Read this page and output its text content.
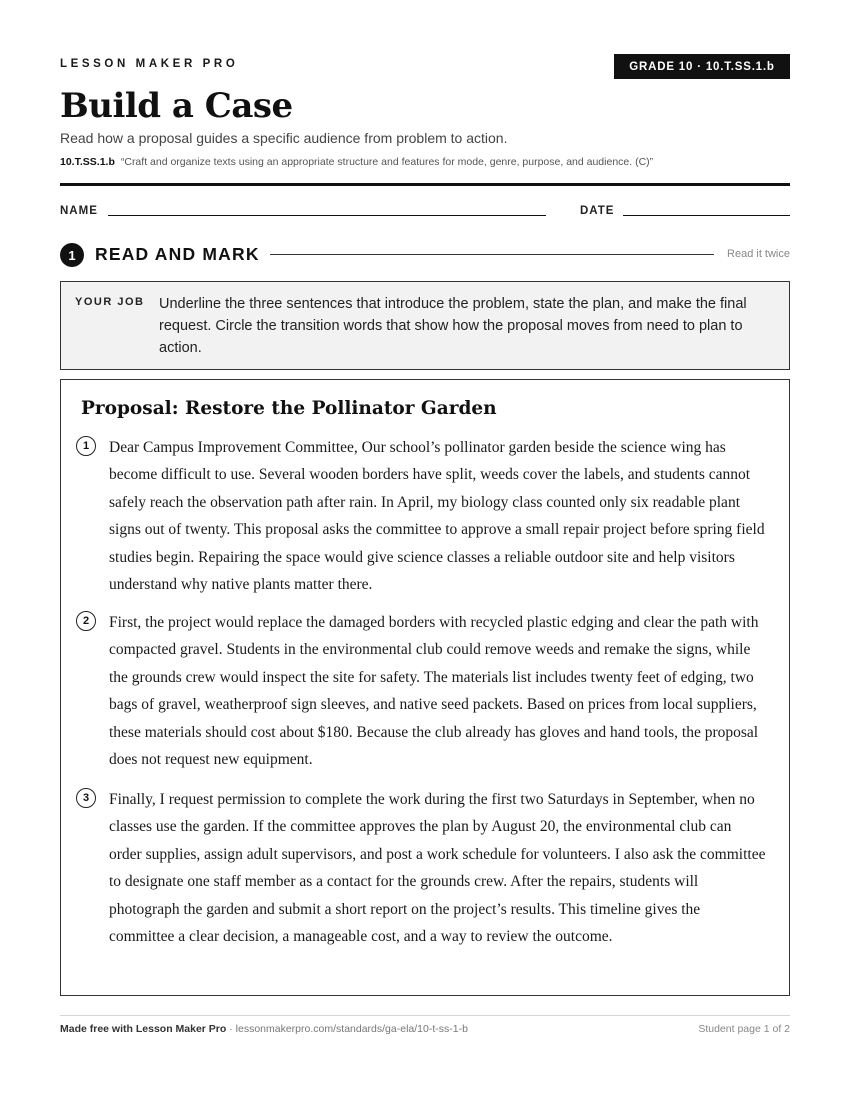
LESSON MAKER PRO	GRADE 10 · 10.T.SS.1.b
Build a Case
Read how a proposal guides a specific audience from problem to action.
10.T.SS.1.b “Craft and organize texts using an appropriate structure and features for mode, genre, purpose, and audience. (C)”
NAME	DATE
1	READ AND MARK	Read it twice
YOUR JOB Underline the three sentences that introduce the problem, state the plan, and make the final request. Circle the transition words that show how the proposal moves from need to plan to action.
Proposal: Restore the Pollinator Garden
1	Dear Campus Improvement Committee, Our school’s pollinator garden beside the science wing has become difficult to use. Several wooden borders have split, weeds cover the labels, and students cannot safely reach the observation path after rain. In April, my biology class counted only six readable plant signs out of twenty. This proposal asks the committee to approve a small repair project before spring field studies begin. Repairing the space would give science classes a reliable outdoor site and help visitors understand why native plants matter there.
2	First, the project would replace the damaged borders with recycled plastic edging and clear the path with compacted gravel. Students in the environmental club could remove weeds and remake the signs, while the grounds crew would inspect the site for safety. The materials list includes twenty feet of edging, two bags of gravel, weatherproof sign sleeves, and native seed packets. Based on prices from local suppliers, these materials should cost about $180. Because the club already has gloves and hand tools, the proposal does not request new equipment.
3	Finally, I request permission to complete the work during the first two Saturdays in September, when no classes use the garden. If the committee approves the plan by August 20, the environmental club can order supplies, assign adult supervisors, and post a work schedule for volunteers. I also ask the committee to designate one staff member as a contact for the grounds crew. After the repairs, students will photograph the garden and submit a short report on the project’s results. This timeline gives the committee a clear decision, a manageable cost, and a way to review the outcome.
Made free with Lesson Maker Pro · lessonmakerpro.com/standards/ga-ela/10-t-ss-1-b	Student page 1 of 2
